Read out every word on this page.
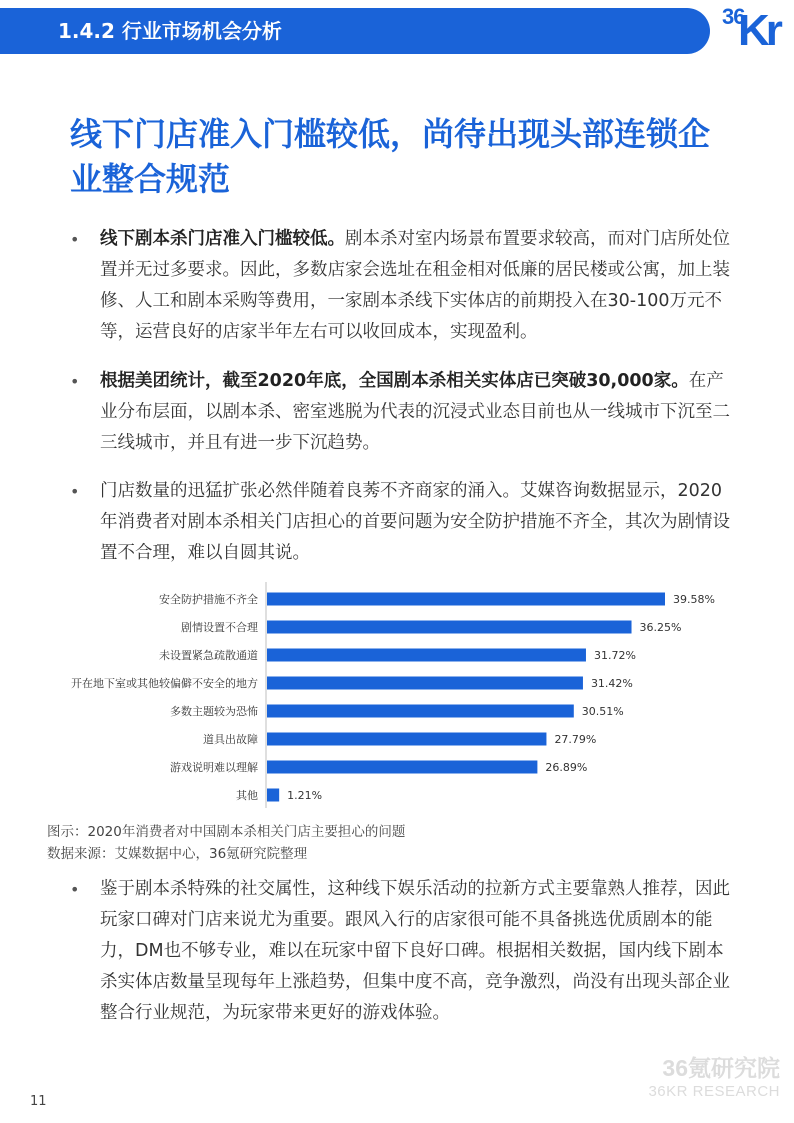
1.4.2 行业市场机会分析
36
Kr
线下门店准入门槛较低，尚待出现头部连锁企业整合规范
• 线下剧本杀门店准入门槛较低。剧本杀对室内场景布置要求较高，而对门店所处位置并无过多要求。因此，多数店家会选址在租金相对低廉的居民楼或公寓，加上装修、人工和剧本采购等费用，一家剧本杀线下实体店的前期投入在30-100万元不等，运营良好的店家半年左右可以收回成本，实现盈利。
• 根据美团统计，截至2020年底，全国剧本杀相关实体店已突破30,000家。在产业分布层面，以剧本杀、密室逃脱为代表的沉浸式业态目前也从一线城市下沉至二三线城市，并且有进一步下沉趋势。
• 门店数量的迅猛扩张必然伴随着良莠不齐商家的涌入。艾媒咨询数据显示，2020年消费者对剧本杀相关门店担心的首要问题为安全防护措施不齐全，其次为剧情设置不合理，难以自圆其说。
安全防护措施不齐全	39.58%
剧情设置不合理	36.25%
未设置紧急疏散通道	31.72%
开在地下室或其他较偏僻不安全的地方	31.42%
多数主题较为恐怖	30.51%
道具出故障	27.79%
游戏说明难以理解	26.89%
其他	1.21%
图示：2020年消费者对中国剧本杀相关门店主要担心的问题
数据来源：艾媒数据中心，36氪研究院整理
• 鉴于剧本杀特殊的社交属性，这种线下娱乐活动的拉新方式主要靠熟人推荐，因此玩家口碑对门店来说尤为重要。跟风入行的店家很可能不具备挑选优质剧本的能力，DM也不够专业，难以在玩家中留下良好口碑。根据相关数据，国内线下剧本杀实体店数量呈现每年上涨趋势，但集中度不高，竞争激烈，尚没有出现头部企业整合行业规范，为玩家带来更好的游戏体验。
36氪研究院
36KR RESEARCH
11
